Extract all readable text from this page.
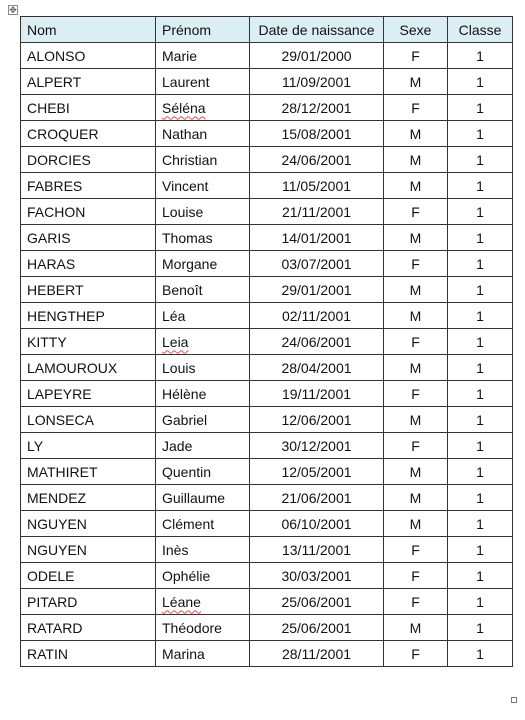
✥
Nom	Prénom	Date de naissance	Sexe	Classe
ALONSO	Marie	29/01/2000	F	1
ALPERT	Laurent	11/09/2001	M	1
CHEBI	Séléna	28/12/2001	F	1
CROQUER	Nathan	15/08/2001	M	1
DORCIES	Christian	24/06/2001	M	1
FABRES	Vincent	11/05/2001	M	1
FACHON	Louise	21/11/2001	F	1
GARIS	Thomas	14/01/2001	M	1
HARAS	Morgane	03/07/2001	F	1
HEBERT	Benoît	29/01/2001	M	1
HENGTHEP	Léa	02/11/2001	M	1
KITTY	Leia	24/06/2001	F	1
LAMOUROUX	Louis	28/04/2001	M	1
LAPEYRE	Hélène	19/11/2001	F	1
LONSECA	Gabriel	12/06/2001	M	1
LY	Jade	30/12/2001	F	1
MATHIRET	Quentin	12/05/2001	M	1
MENDEZ	Guillaume	21/06/2001	M	1
NGUYEN	Clément	06/10/2001	M	1
NGUYEN	Inès	13/11/2001	F	1
ODELE	Ophélie	30/03/2001	F	1
PITARD	Léane	25/06/2001	F	1
RATARD	Théodore	25/06/2001	M	1
RATIN	Marina	28/11/2001	F	1
